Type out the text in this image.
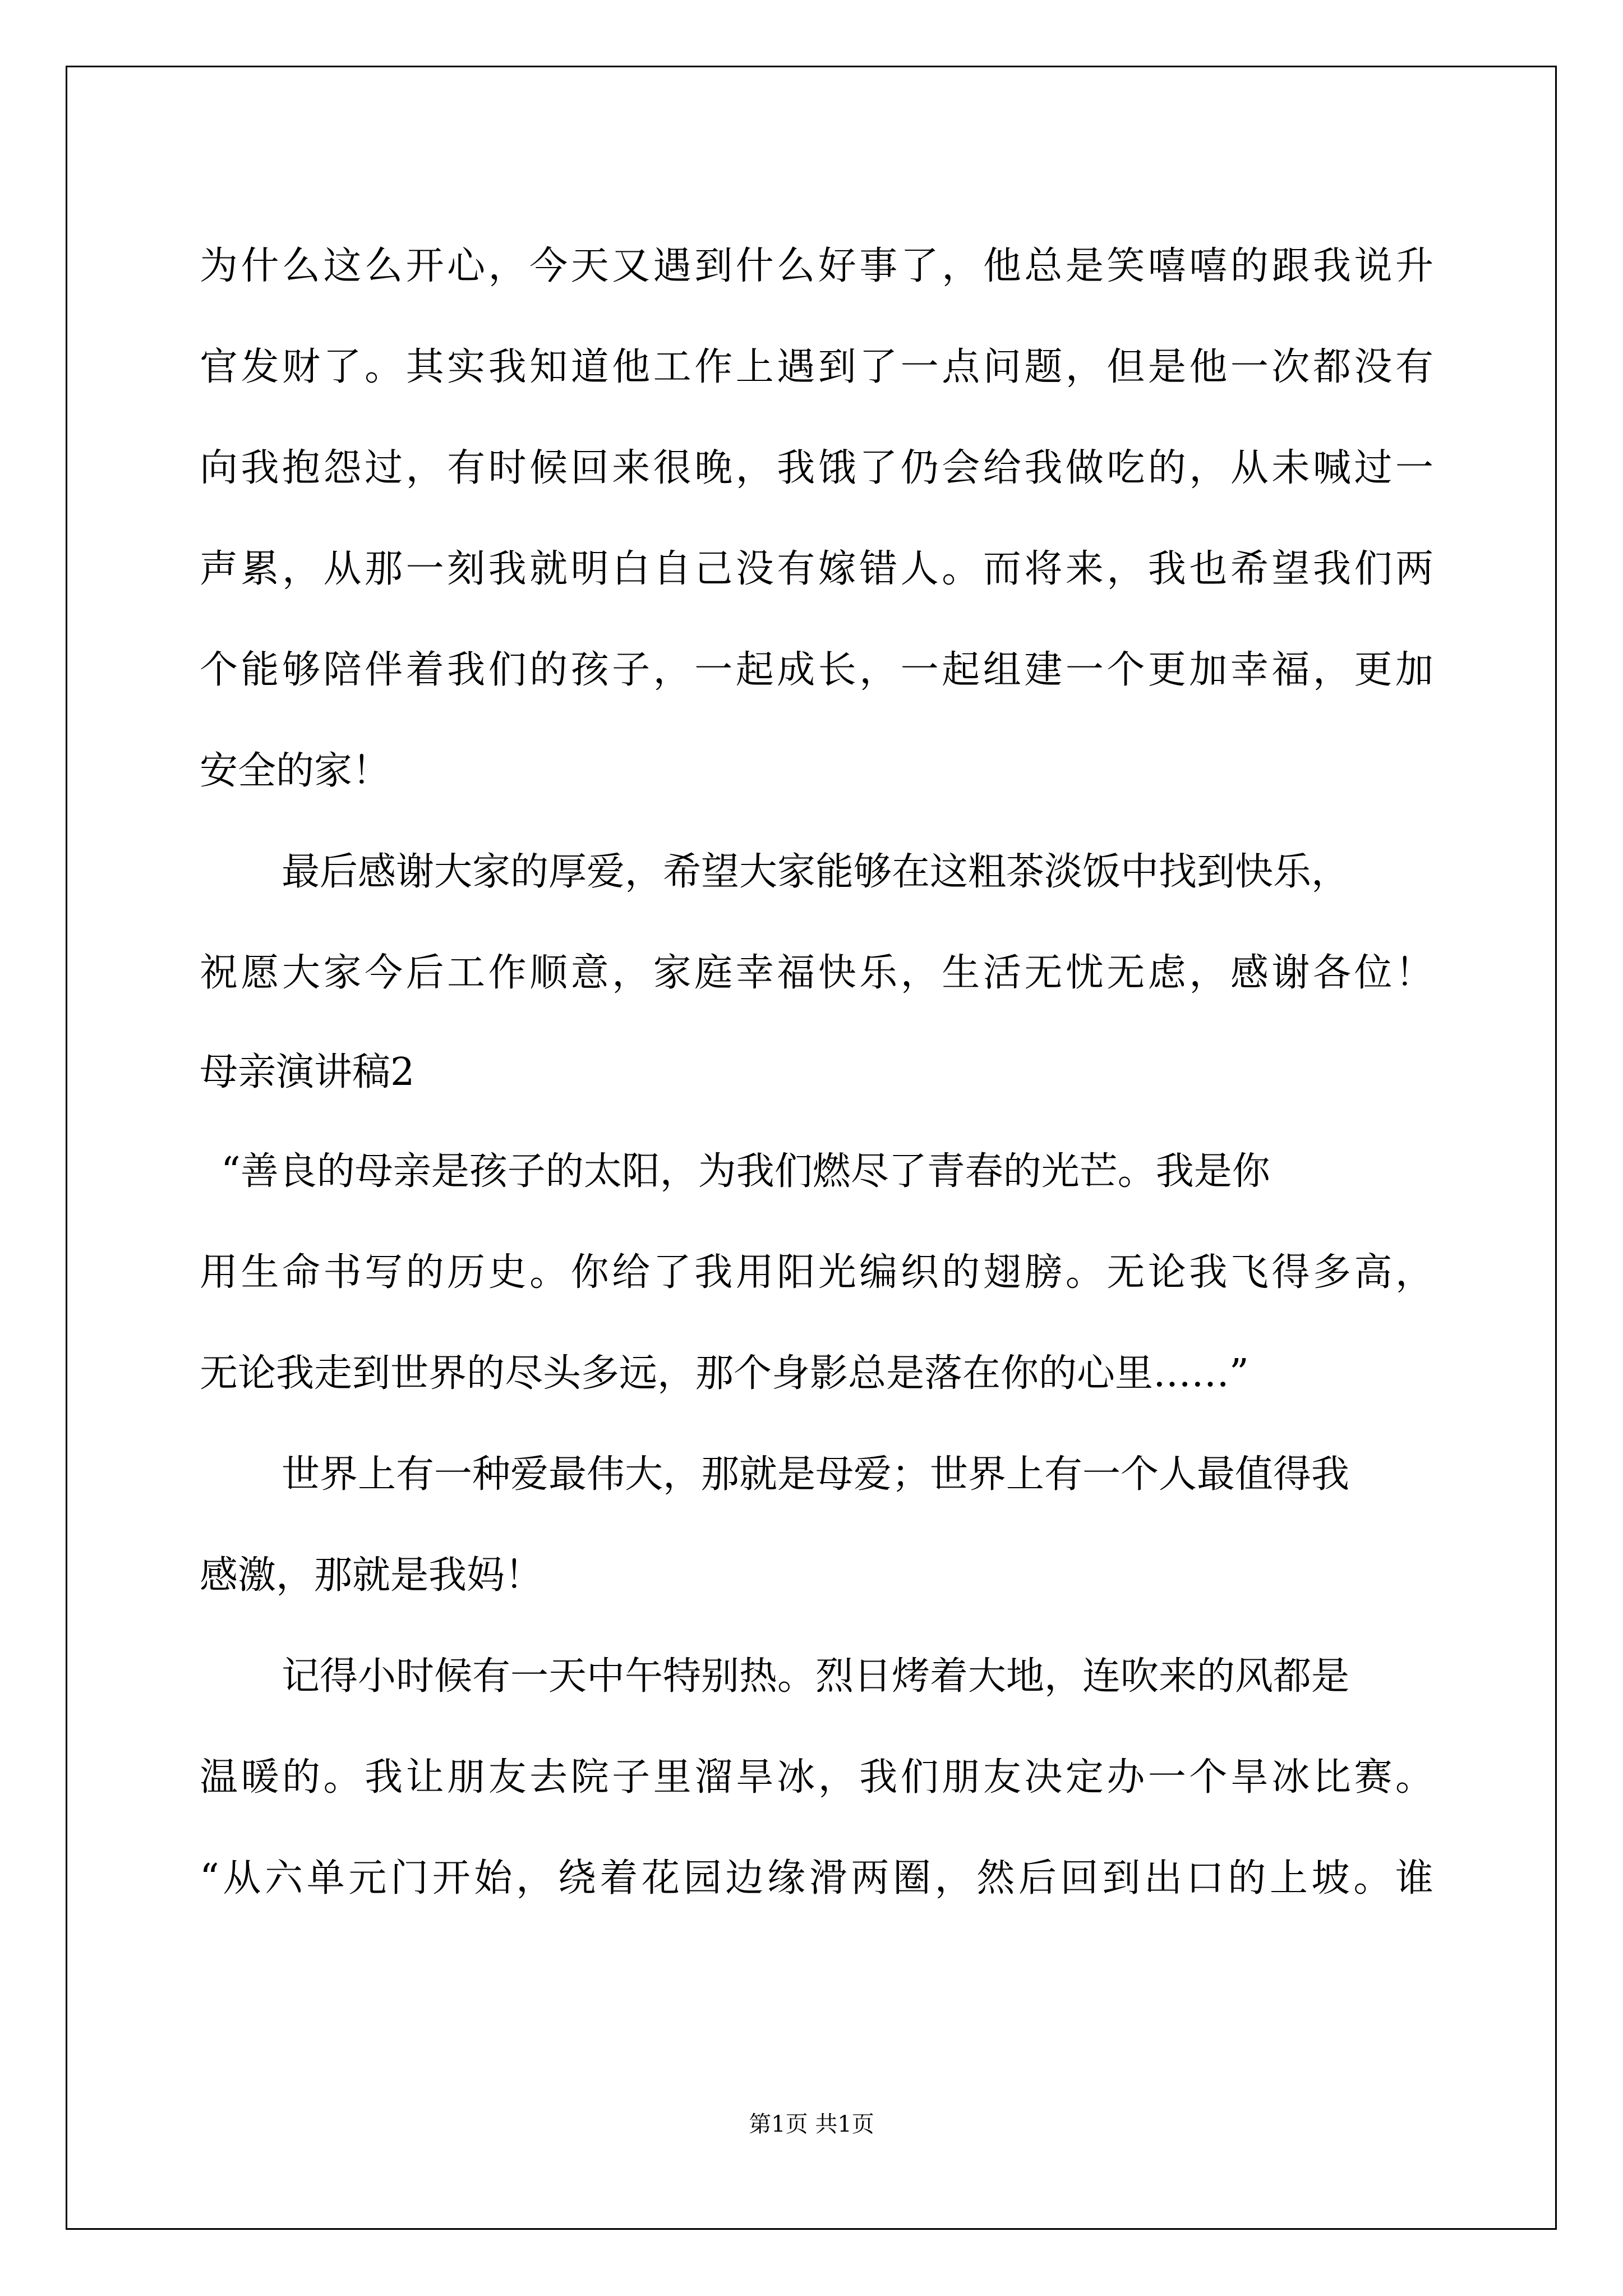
为什么这么开心，今天又遇到什么好事了，他总是笑嘻嘻的跟我说升
官发财了。其实我知道他工作上遇到了一点问题，但是他一次都没有
向我抱怨过，有时候回来很晚，我饿了仍会给我做吃的，从未喊过一
声累，从那一刻我就明白自己没有嫁错人。而将来，我也希望我们两
个能够陪伴着我们的孩子，一起成长，一起组建一个更加幸福，更加
安全的家！
最后感谢大家的厚爱，希望大家能够在这粗茶淡饭中找到快乐，
祝愿大家今后工作顺意，家庭幸福快乐，生活无忧无虑，感谢各位！
母亲演讲稿2
“善良的母亲是孩子的太阳，为我们燃尽了青春的光芒。我是你
用生命书写的历史。你给了我用阳光编织的翅膀。无论我飞得多高，
无论我走到世界的尽头多远，那个身影总是落在你的心里……”
世界上有一种爱最伟大，那就是母爱；世界上有一个人最值得我
感激，那就是我妈！
记得小时候有一天中午特别热。烈日烤着大地，连吹来的风都是
温暖的。我让朋友去院子里溜旱冰，我们朋友决定办一个旱冰比赛。
“从六单元门开始，绕着花园边缘滑两圈，然后回到出口的上坡。谁
第1页 共1页
